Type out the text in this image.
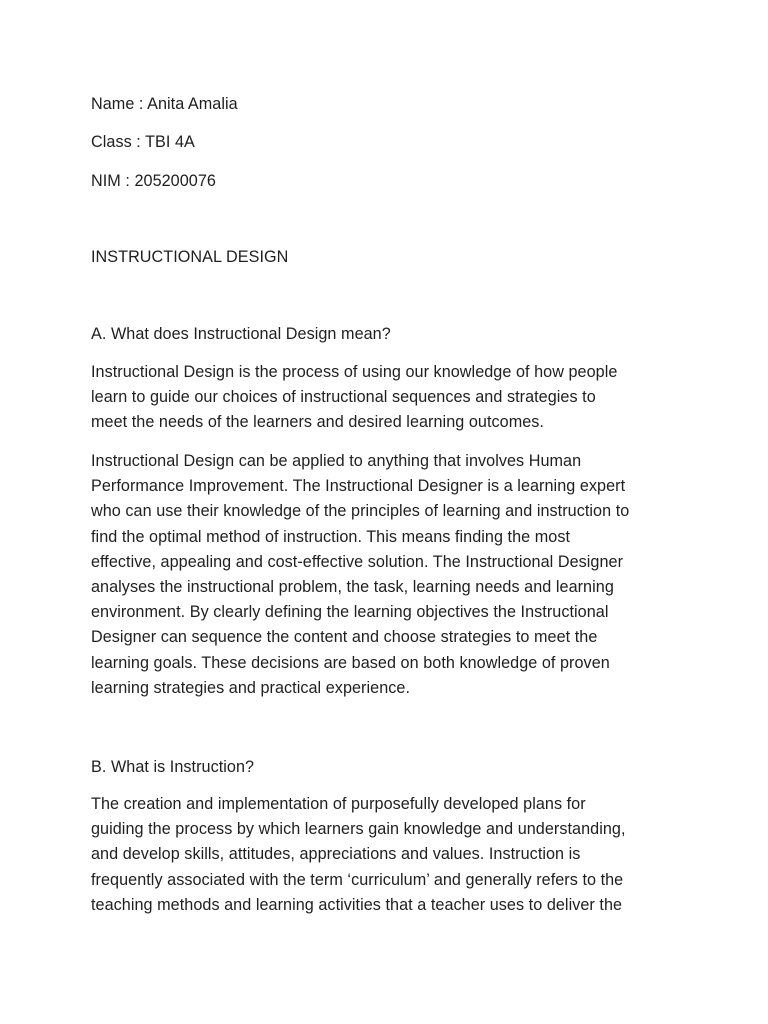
Name : Anita Amalia
Class : TBI 4A
NIM : 205200076
INSTRUCTIONAL DESIGN
A. What does Instructional Design mean?
Instructional Design is the process of using our knowledge of how people
learn to guide our choices of instructional sequences and strategies to
meet the needs of the learners and desired learning outcomes.
Instructional Design can be applied to anything that involves Human
Performance Improvement. The Instructional Designer is a learning expert
who can use their knowledge of the principles of learning and instruction to
find the optimal method of instruction. This means finding the most
effective, appealing and cost-effective solution. The Instructional Designer
analyses the instructional problem, the task, learning needs and learning
environment. By clearly defining the learning objectives the Instructional
Designer can sequence the content and choose strategies to meet the
learning goals. These decisions are based on both knowledge of proven
learning strategies and practical experience.
B. What is Instruction?
The creation and implementation of purposefully developed plans for
guiding the process by which learners gain knowledge and understanding,
and develop skills, attitudes, appreciations and values. Instruction is
frequently associated with the term ‘curriculum’ and generally refers to the
teaching methods and learning activities that a teacher uses to deliver the
